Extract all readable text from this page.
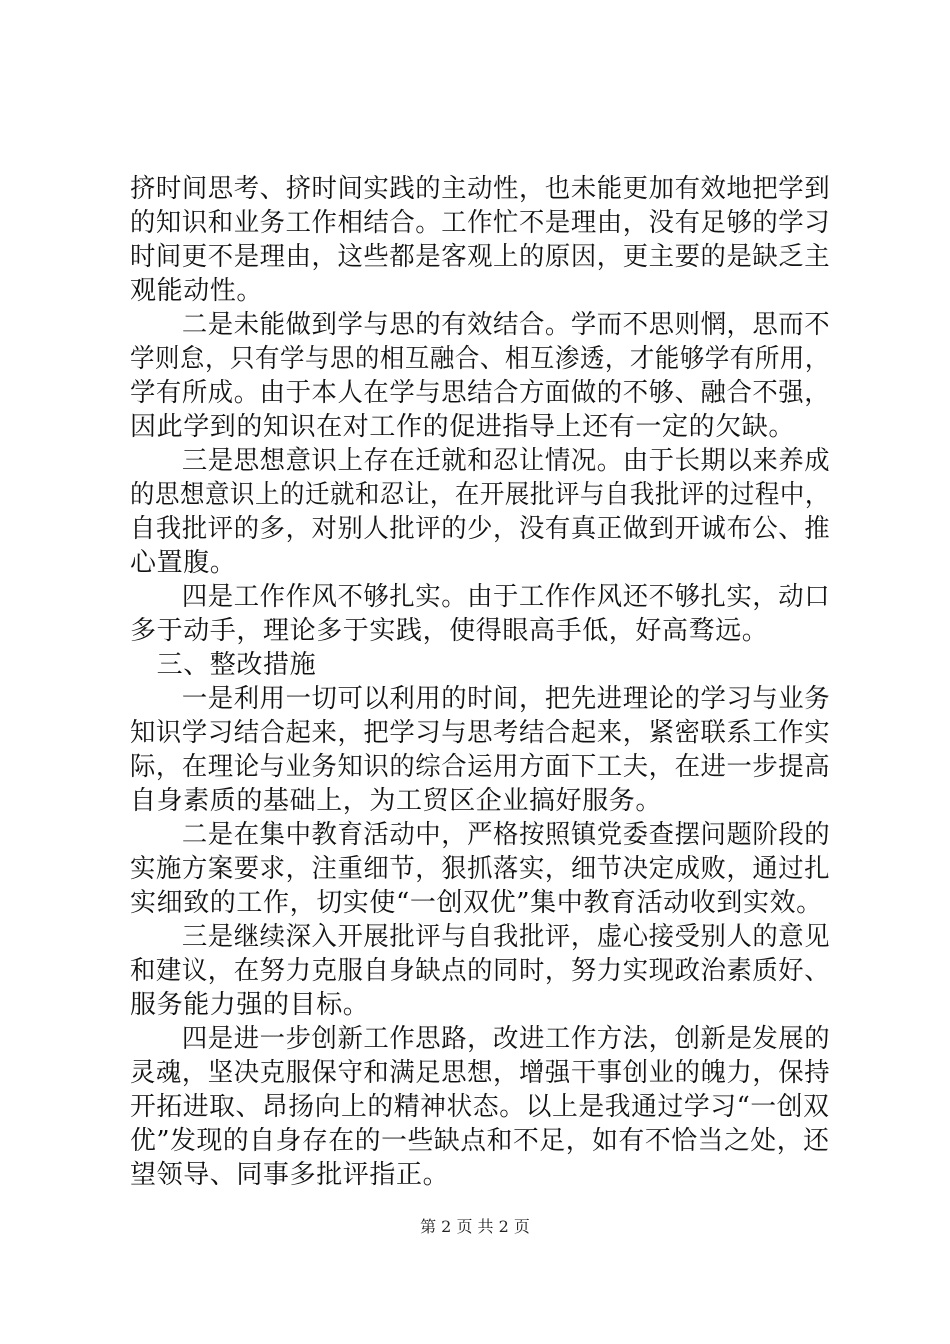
挤时间思考、挤时间实践的主动性，也未能更加有效地把学到
的知识和业务工作相结合。工作忙不是理由，没有足够的学习
时间更不是理由，这些都是客观上的原因，更主要的是缺乏主
观能动性。
　　二是未能做到学与思的有效结合。学而不思则惘，思而不
学则怠，只有学与思的相互融合、相互渗透，才能够学有所用，
学有所成。由于本人在学与思结合方面做的不够、融合不强，
因此学到的知识在对工作的促进指导上还有一定的欠缺。
　　三是思想意识上存在迁就和忍让情况。由于长期以来养成
的思想意识上的迁就和忍让，在开展批评与自我批评的过程中，
自我批评的多，对别人批评的少，没有真正做到开诚布公、推
心置腹。
　　四是工作作风不够扎实。由于工作作风还不够扎实，动口
多于动手，理论多于实践，使得眼高手低，好高骛远。
　三、整改措施
　　一是利用一切可以利用的时间，把先进理论的学习与业务
知识学习结合起来，把学习与思考结合起来，紧密联系工作实
际，在理论与业务知识的综合运用方面下工夫，在进一步提高
自身素质的基础上，为工贸区企业搞好服务。
　　二是在集中教育活动中，严格按照镇党委查摆问题阶段的
实施方案要求，注重细节，狠抓落实，细节决定成败，通过扎
实细致的工作，切实使“一创双优”集中教育活动收到实效。
　　三是继续深入开展批评与自我批评，虚心接受别人的意见
和建议，在努力克服自身缺点的同时，努力实现政治素质好、
服务能力强的目标。
　　四是进一步创新工作思路，改进工作方法，创新是发展的
灵魂，坚决克服保守和满足思想，增强干事创业的魄力，保持
开拓进取、昂扬向上的精神状态。以上是我通过学习“一创双
优”发现的自身存在的一些缺点和不足，如有不恰当之处，还
望领导、同事多批评指正。
第 2 页 共 2 页
